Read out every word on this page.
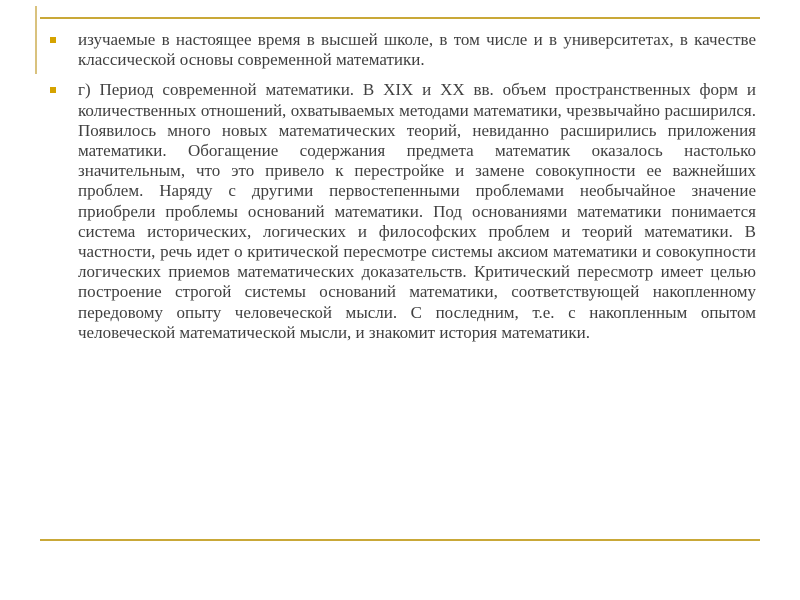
изучаемые в настоящее время в высшей школе, в том числе и в университетах, в качестве классической основы современной математики.

г) Период современной математики. В XIX и XX вв. объем пространственных форм и количественных отношений, охватываемых методами математики, чрезвычайно расширился. Появилось много новых математических теорий, невиданно расширились приложения математики. Обогащение содержания предмета математик оказалось настолько значительным, что это привело к перестройке и замене совокупности ее важнейших проблем. Наряду с другими первостепенными проблемами необычайное значение приобрели проблемы оснований математики. Под основаниями математики понимается система исторических, логических и философских проблем и теорий математики. В частности, речь идет о критической пересмотре системы аксиом математики и совокупности логических приемов математических доказательств. Критический пересмотр имеет целью построение строгой системы оснований математики, соответствующей накопленному передовому опыту человеческой мысли. С последним, т.е. с накопленным опытом человеческой математической мысли, и знакомит история математики.
